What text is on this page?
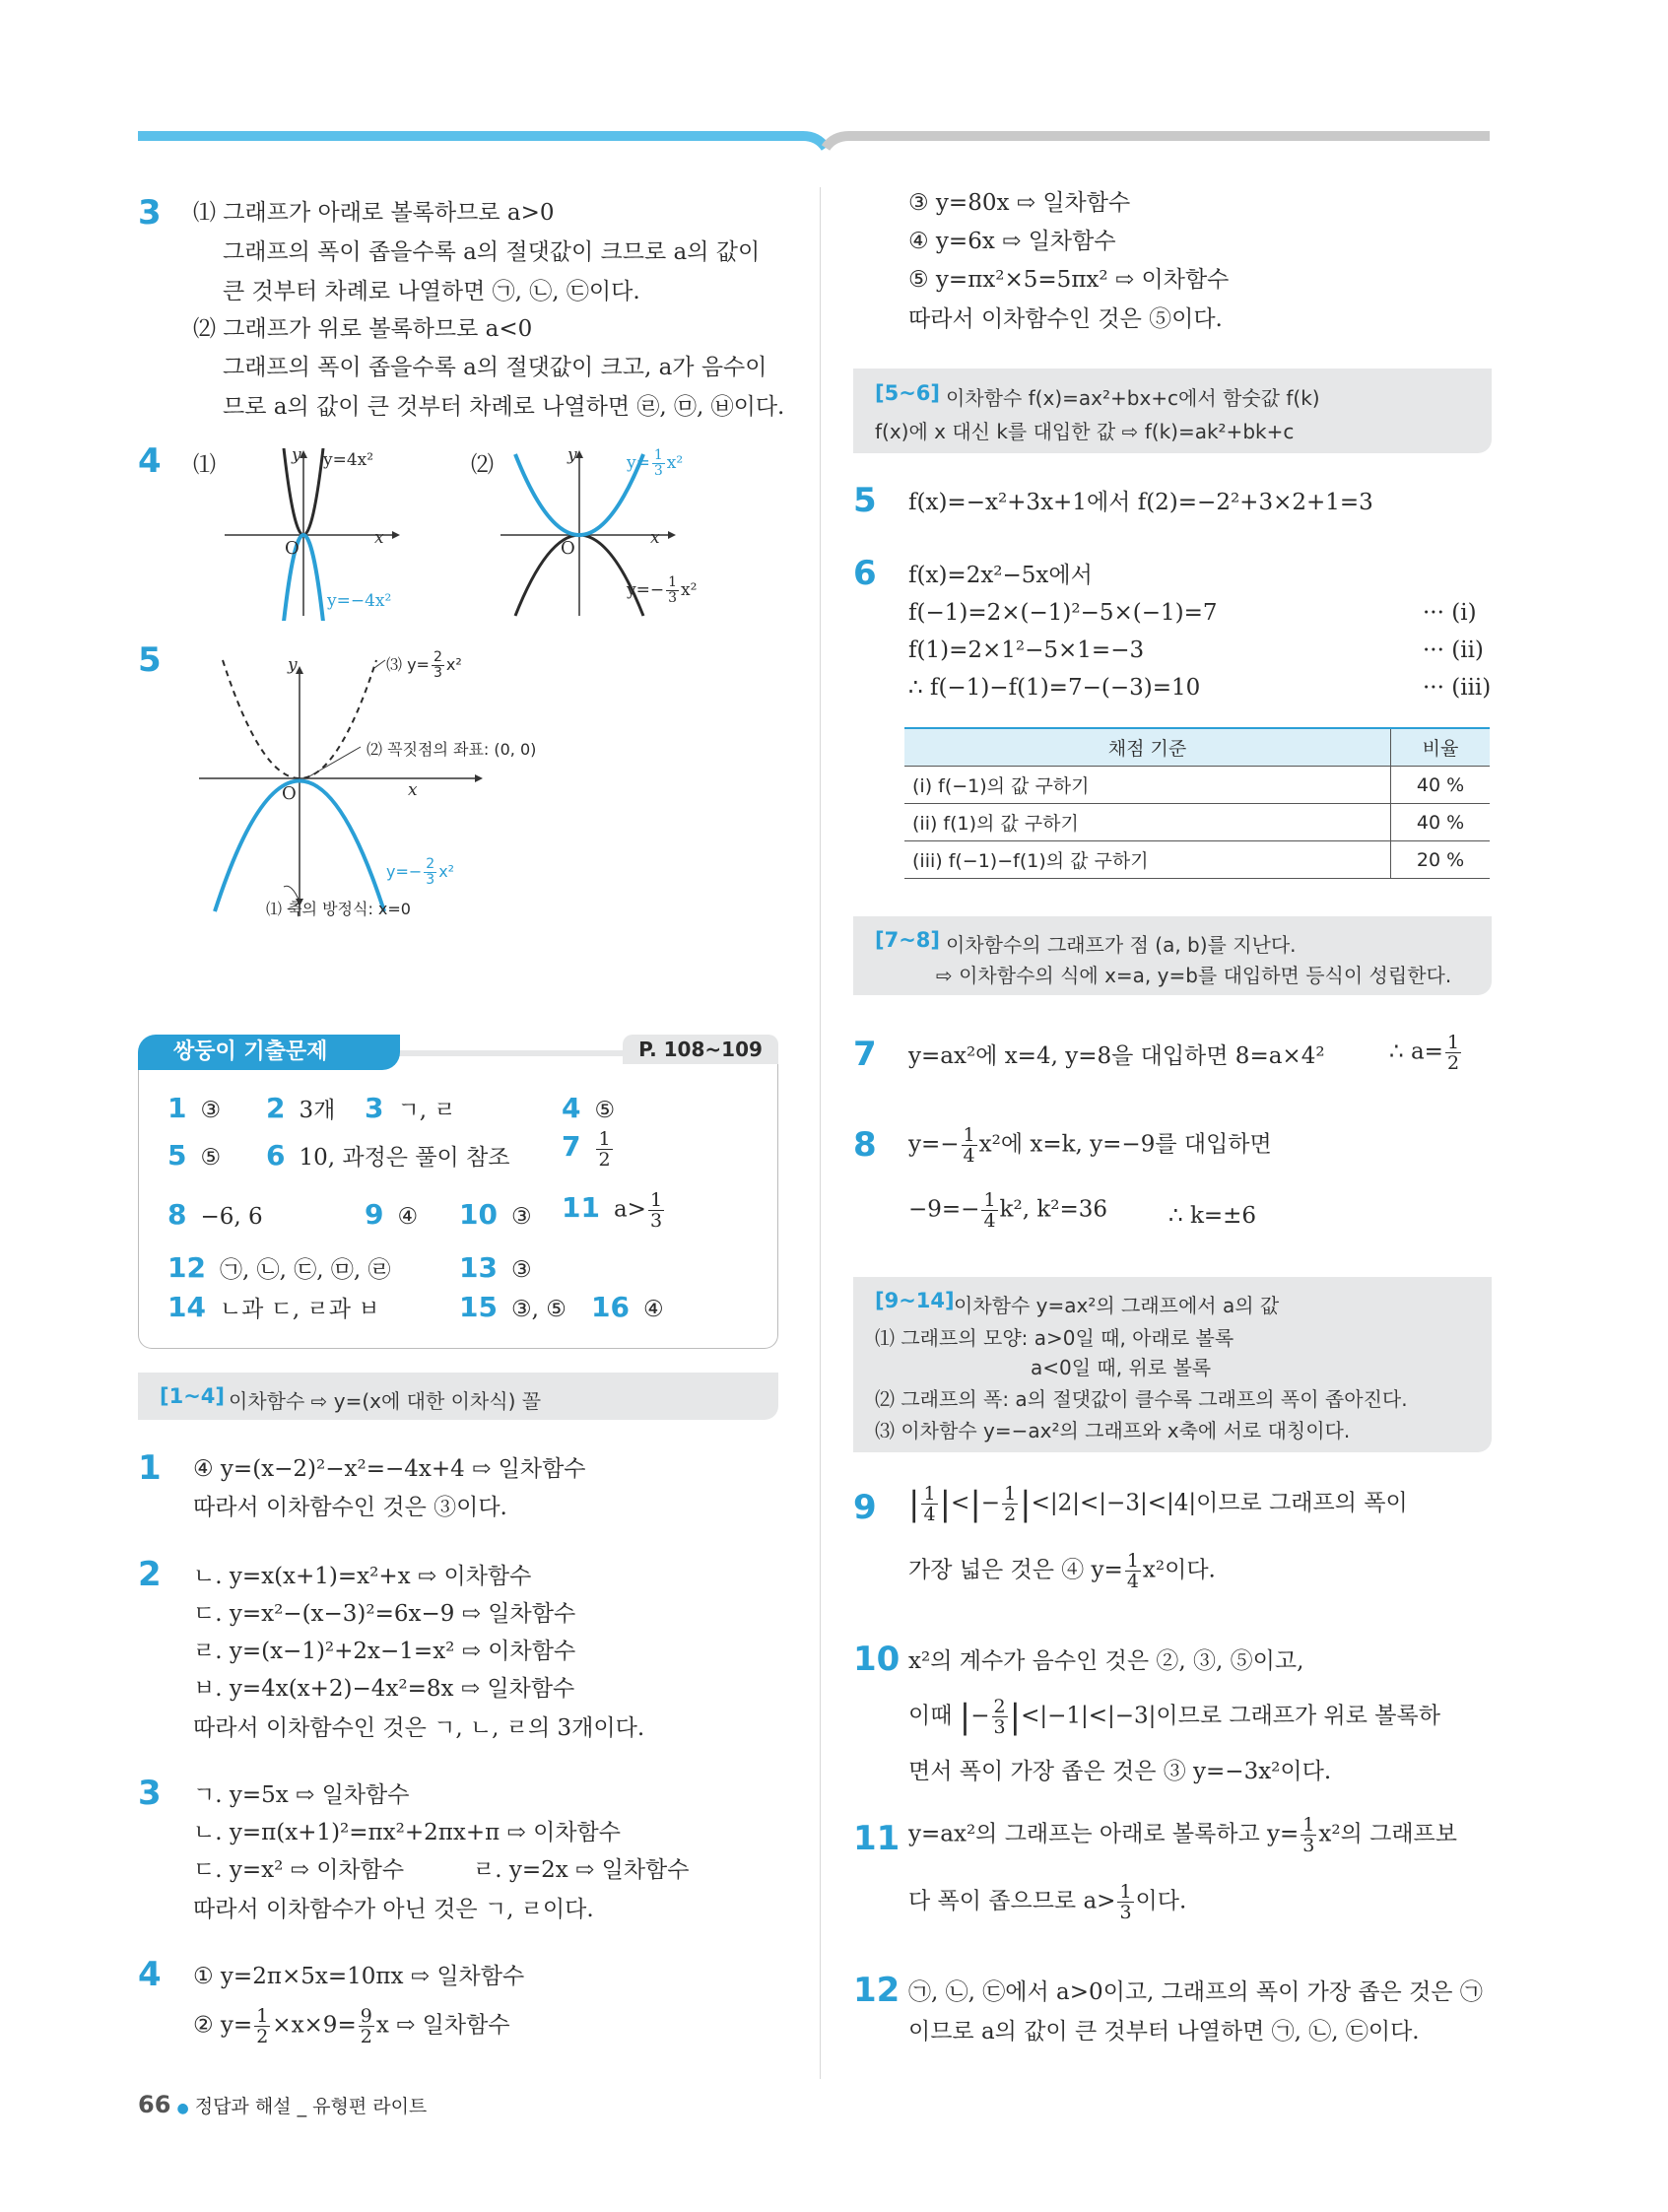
3 ⑴ 그래프가 아래로 볼록하므로 a>0
그래프의 폭이 좁을수록 a의 절댓값이 크므로 a의 값이
큰 것부터 차례로 나열하면 ㉠, ㉡, ㉢이다.
⑵ 그래프가 위로 볼록하므로 a<0
그래프의 폭이 좁을수록 a의 절댓값이 크고, a가 음수이
므로 a의 값이 큰 것부터 차례로 나열하면 ㉣, ㉤, ㉥이다.
4 ⑴	⑵
y
x
O
y=4x²
y=−4x²
y
x
O
$y= \frac{1}{3} x^2$
$y=- \frac{1}{3} x^2$
5	y
x
O
⑶ $y= \frac{2}{3} x^2$
⑵ 꼭짓점의 좌표: (0, 0)
⑴ 축의 방정식: x=0
$y=- \frac{2}{3} x^2$
쌍둥이 기출문제	P. 108~109
1 ③ 2 3개 3 ㄱ, ㄹ	4 ⑤
5 ⑤ 6 10, 과정은 풀이 참조 $7 \frac{1}{2}$
8 −6, 6	9 ④ 10 ③ 11 $a> \frac{1}{3}$
12 ㉠, ㉡, ㉢, ㉤, ㉣ 13 ③
14 ㄴ과 ㄷ, ㄹ과 ㅂ	15 ③, ⑤ 16 ④
[1~4] 이차함수 ⇨ y=(x에 대한 이차식) 꼴
1 ④ y=(x−2)²−x²=−4x+4 ⇨ 일차함수
따라서 이차함수인 것은 ③이다.
2 ㄴ. y=x(x+1)=x²+x ⇨ 이차함수
ㄷ. y=x²−(x−3)²=6x−9 ⇨ 일차함수
ㄹ. y=(x−1)²+2x−1=x² ⇨ 이차함수
ㅂ. y=4x(x+2)−4x²=8x ⇨ 일차함수
따라서 이차함수인 것은 ㄱ, ㄴ, ㄹ의 3개이다.
3 ㄱ. y=5x ⇨ 일차함수
ㄴ. y=π(x+1)²=πx²+2πx+π ⇨ 이차함수
ㄷ. y=x² ⇨ 이차함수	ㄹ. y=2x ⇨ 일차함수
따라서 이차함수가 아닌 것은 ㄱ, ㄹ이다.
4 ① y=2π×5x=10πx ⇨ 일차함수
② $y= \frac{1}{2} \times x\times 9= \frac{9}{2}$ x ⇨ 일차함수
③ y=80x ⇨ 일차함수
④ y=6x ⇨ 일차함수
⑤ y=πx²×5=5πx² ⇨ 이차함수
따라서 이차함수인 것은 ⑤이다.
[5~6] 이차함수 f(x)=ax²+bx+c에서 함숫값 f(k)
f(x)에 x 대신 k를 대입한 값 ⇨ f(k)=ak²+bk+c
5 f(x)=−x²+3x+1에서 f(2)=−2²+3×2+1=3
6 f(x)=2x²−5x에서
f(−1)=2×(−1)²−5×(−1)=7	··· (i)
f(1)=2×1²−5×1=−3	··· (ii)
∴ f(−1)−f(1)=7−(−3)=10	··· (iii)
채점 기준	비율
(i) f(−1)의 값 구하기	40 %
(ii) f(1)의 값 구하기	40 %
(iii) f(−1)−f(1)의 값 구하기	20 %
[7~8] 이차함수의 그래프가 점 (a, b)를 지난다.
⇨ 이차함수의 식에 x=a, y=b를 대입하면 등식이 성립한다.
7 y=ax²에 x=4, y=8을 대입하면 8=a×4²	∴ $a= \frac{1}{2}$
8 $y=- \frac{1}{4} x^2$에 x=k, y=−9를 대입하면
$-9=- \frac{1}{4} k^2$, k²=36	∴ k=±6
[9~14] 이차함수 y=ax²의 그래프에서 a의 값
⑴ 그래프의 모양: a>0일 때, 아래로 볼록
a<0일 때, 위로 볼록
⑵ 그래프의 폭: a의 절댓값이 클수록 그래프의 폭이 좁아진다.
⑶ 이차함수 y=−ax²의 그래프와 x축에 서로 대칭이다.
9 | $\frac{1}{4}$ |<|− $\frac{1}{2} |<|2|<|-3|<|4|$이므로 그래프의 폭이
가장 넓은 것은 ④ $y= \frac{1}{4} x^2$이다.
10 x²의 계수가 음수인 것은 ②, ③, ⑤이고,
이때 |− $\frac{2}{3} |<|-1|<|-3|$이므로 그래프가 위로 볼록하
면서 폭이 가장 좁은 것은 ③ y=−3x²이다.
11 y=ax²의 그래프는 아래로 볼록하고 $y= \frac{1}{3} x^2$의 그래프보
다 폭이 좁으므로 $a> \frac{1}{3}$ 이다.
12 ㉠, ㉡, ㉢에서 a>0이고, 그래프의 폭이 가장 좁은 것은 ㉠
이므로 a의 값이 큰 것부터 나열하면 ㉠, ㉡, ㉢이다.
66 ● 정답과 해설 _ 유형편 라이트
